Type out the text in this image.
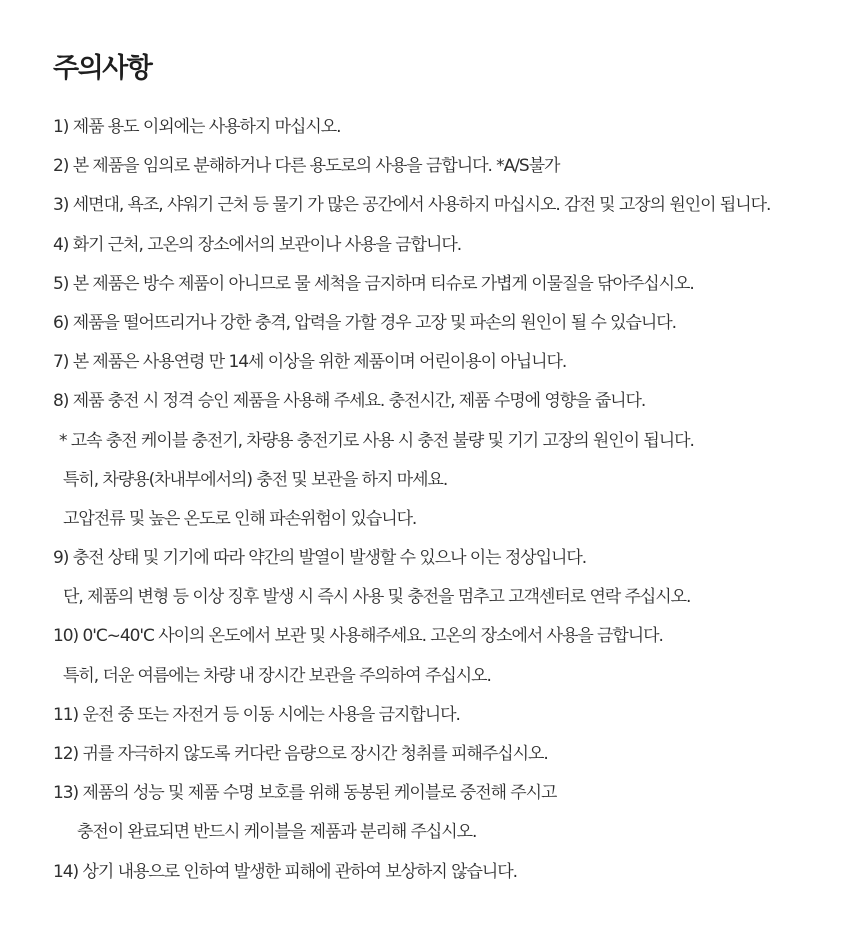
주의사항
1) 제품 용도 이외에는 사용하지 마십시오.
2) 본 제품을 임의로 분해하거나 다른 용도로의 사용을 금합니다. *A/S불가
3) 세면대, 욕조, 샤워기 근처 등 물기 가 많은 공간에서 사용하지 마십시오. 감전 및 고장의 원인이 됩니다.
4) 화기 근처, 고온의 장소에서의 보관이나 사용을 금합니다.
5) 본 제품은 방수 제품이 아니므로 물 세척을 금지하며 티슈로 가볍게 이물질을 닦아주십시오.
6) 제품을 떨어뜨리거나 강한 충격, 압력을 가할 경우 고장 및 파손의 원인이 될 수 있습니다.
7) 본 제품은 사용연령 만 14세 이상을 위한 제품이며 어린이용이 아닙니다.
8) 제품 충전 시 정격 승인 제품을 사용해 주세요. 충전시간, 제품 수명에 영향을 줍니다.
* 고속 충전 케이블 충전기, 차량용 충전기로 사용 시 충전 불량 및 기기 고장의 원인이 됩니다.
특히, 차량용(차내부에서의) 충전 및 보관을 하지 마세요.
고압전류 및 높은 온도로 인해 파손위험이 있습니다.
9) 충전 상태 및 기기에 따라 약간의 발열이 발생할 수 있으나 이는 정상입니다.
단, 제품의 변형 등 이상 징후 발생 시 즉시 사용 및 충전을 멈추고 고객센터로 연락 주십시오.
10) 0'C~40'C 사이의 온도에서 보관 및 사용해주세요. 고온의 장소에서 사용을 금합니다.
특히, 더운 여름에는 차량 내 장시간 보관을 주의하여 주십시오.
11) 운전 중 또는 자전거 등 이동 시에는 사용을 금지합니다.
12) 귀를 자극하지 않도록 커다란 음량으로 장시간 청취를 피해주십시오.
13) 제품의 성능 및 제품 수명 보호를 위해 동봉된 케이블로 중전해 주시고
충전이 완료되면 반드시 케이블을 제품과 분리해 주십시오.
14) 상기 내용으로 인하여 발생한 피해에 관하여 보상하지 않습니다.
